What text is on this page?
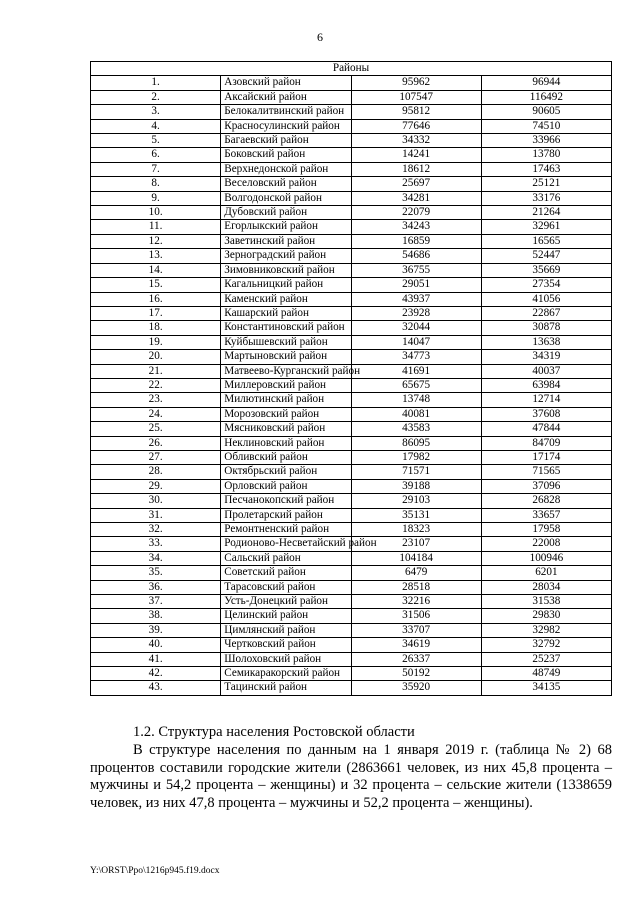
6
Районы			
1.	Азовский район	95962	96944
2.	Аксайский район	107547	116492
3.	Белокалитвинский район	95812	90605
4.	Красносулинский район	77646	74510
5.	Багаевский район	34332	33966
6.	Боковский район	14241	13780
7.	Верхнедонской район	18612	17463
8.	Веселовский район	25697	25121
9.	Волгодонской район	34281	33176
10.	Дубовский район	22079	21264
11.	Егорлыкский район	34243	32961
12.	Заветинский район	16859	16565
13.	Зерноградский район	54686	52447
14.	Зимовниковский район	36755	35669
15.	Кагальницкий район	29051	27354
16.	Каменский район	43937	41056
17.	Кашарский район	23928	22867
18.	Константиновский район	32044	30878
19.	Куйбышевский район	14047	13638
20.	Мартыновский район	34773	34319
21.	Матвеево-Курганский район	41691	40037
22.	Миллеровский район	65675	63984
23.	Милютинский район	13748	12714
24.	Морозовский район	40081	37608
25.	Мясниковский район	43583	47844
26.	Неклиновский район	86095	84709
27.	Обливский район	17982	17174
28.	Октябрьский район	71571	71565
29.	Орловский район	39188	37096
30.	Песчанокопский район	29103	26828
31.	Пролетарский район	35131	33657
32.	Ремонтненский район	18323	17958
33.	Родионово-Несветайский район	23107	22008
34.	Сальский район	104184	100946
35.	Советский район	6479	6201
36.	Тарасовский район	28518	28034
37.	Усть-Донецкий район	32216	31538
38.	Целинский район	31506	29830
39.	Цимлянский район	33707	32982
40.	Чертковский район	34619	32792
41.	Шолоховский район	26337	25237
42.	Семикаракорский район	50192	48749
43.	Тацинский район	35920	34135
1.2. Структура населения Ростовской области
В структуре населения по данным на 1 января 2019 г. (таблица № 2) 68 процентов составили городские жители (2863661 человек, из них 45,8 процента – мужчины и 54,2 процента – женщины) и 32 процента – сельские жители (1338659 человек, из них 47,8 процента – мужчины и 52,2 процента – женщины).
Y:\ORST\Ppo\1216p945.f19.docx
